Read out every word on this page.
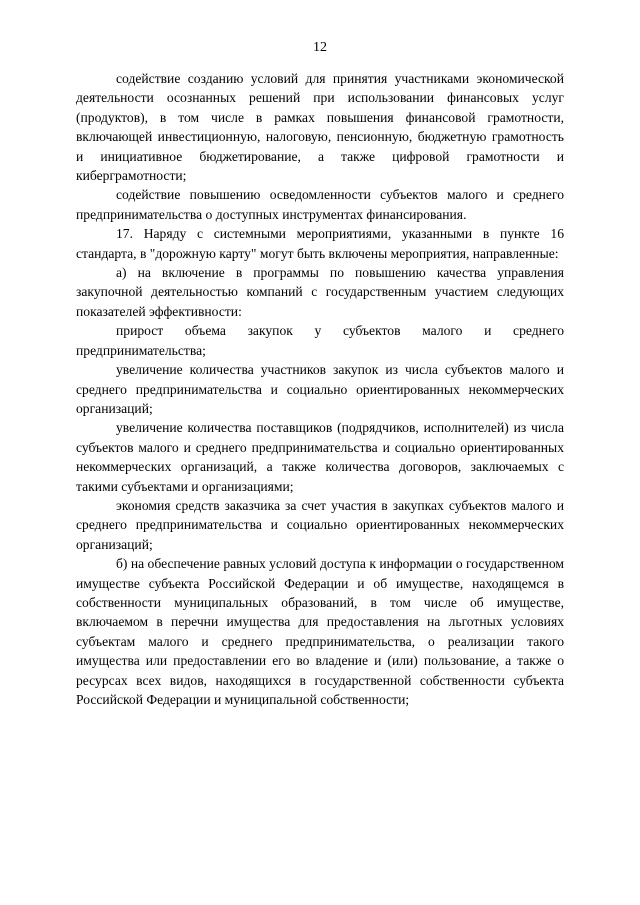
12

содействие созданию условий для принятия участниками экономической деятельности осознанных решений при использовании финансовых услуг (продуктов), в том числе в рамках повышения финансовой грамотности, включающей инвестиционную, налоговую, пенсионную, бюджетную грамотность и инициативное бюджетирование, а также цифровой грамотности и киберграмотности;

содействие повышению осведомленности субъектов малого и среднего предпринимательства о доступных инструментах финансирования.

17. Наряду с системными мероприятиями, указанными в пункте 16 стандарта, в "дорожную карту" могут быть включены мероприятия, направленные:

а) на включение в программы по повышению качества управления закупочной деятельностью компаний с государственным участием следующих показателей эффективности:

прирост объема закупок у субъектов малого и среднего предпринимательства;

увеличение количества участников закупок из числа субъектов малого и среднего предпринимательства и социально ориентированных некоммерческих организаций;

увеличение количества поставщиков (подрядчиков, исполнителей) из числа субъектов малого и среднего предпринимательства и социально ориентированных некоммерческих организаций, а также количества договоров, заключаемых с такими субъектами и организациями;

экономия средств заказчика за счет участия в закупках субъектов малого и среднего предпринимательства и социально ориентированных некоммерческих организаций;

б) на обеспечение равных условий доступа к информации о государственном имуществе субъекта Российской Федерации и об имуществе, находящемся в собственности муниципальных образований, в том числе об имуществе, включаемом в перечни имущества для предоставления на льготных условиях субъектам малого и среднего предпринимательства, о реализации такого имущества или предоставлении его во владение и (или) пользование, а также о ресурсах всех видов, находящихся в государственной собственности субъекта Российской Федерации и муниципальной собственности;
